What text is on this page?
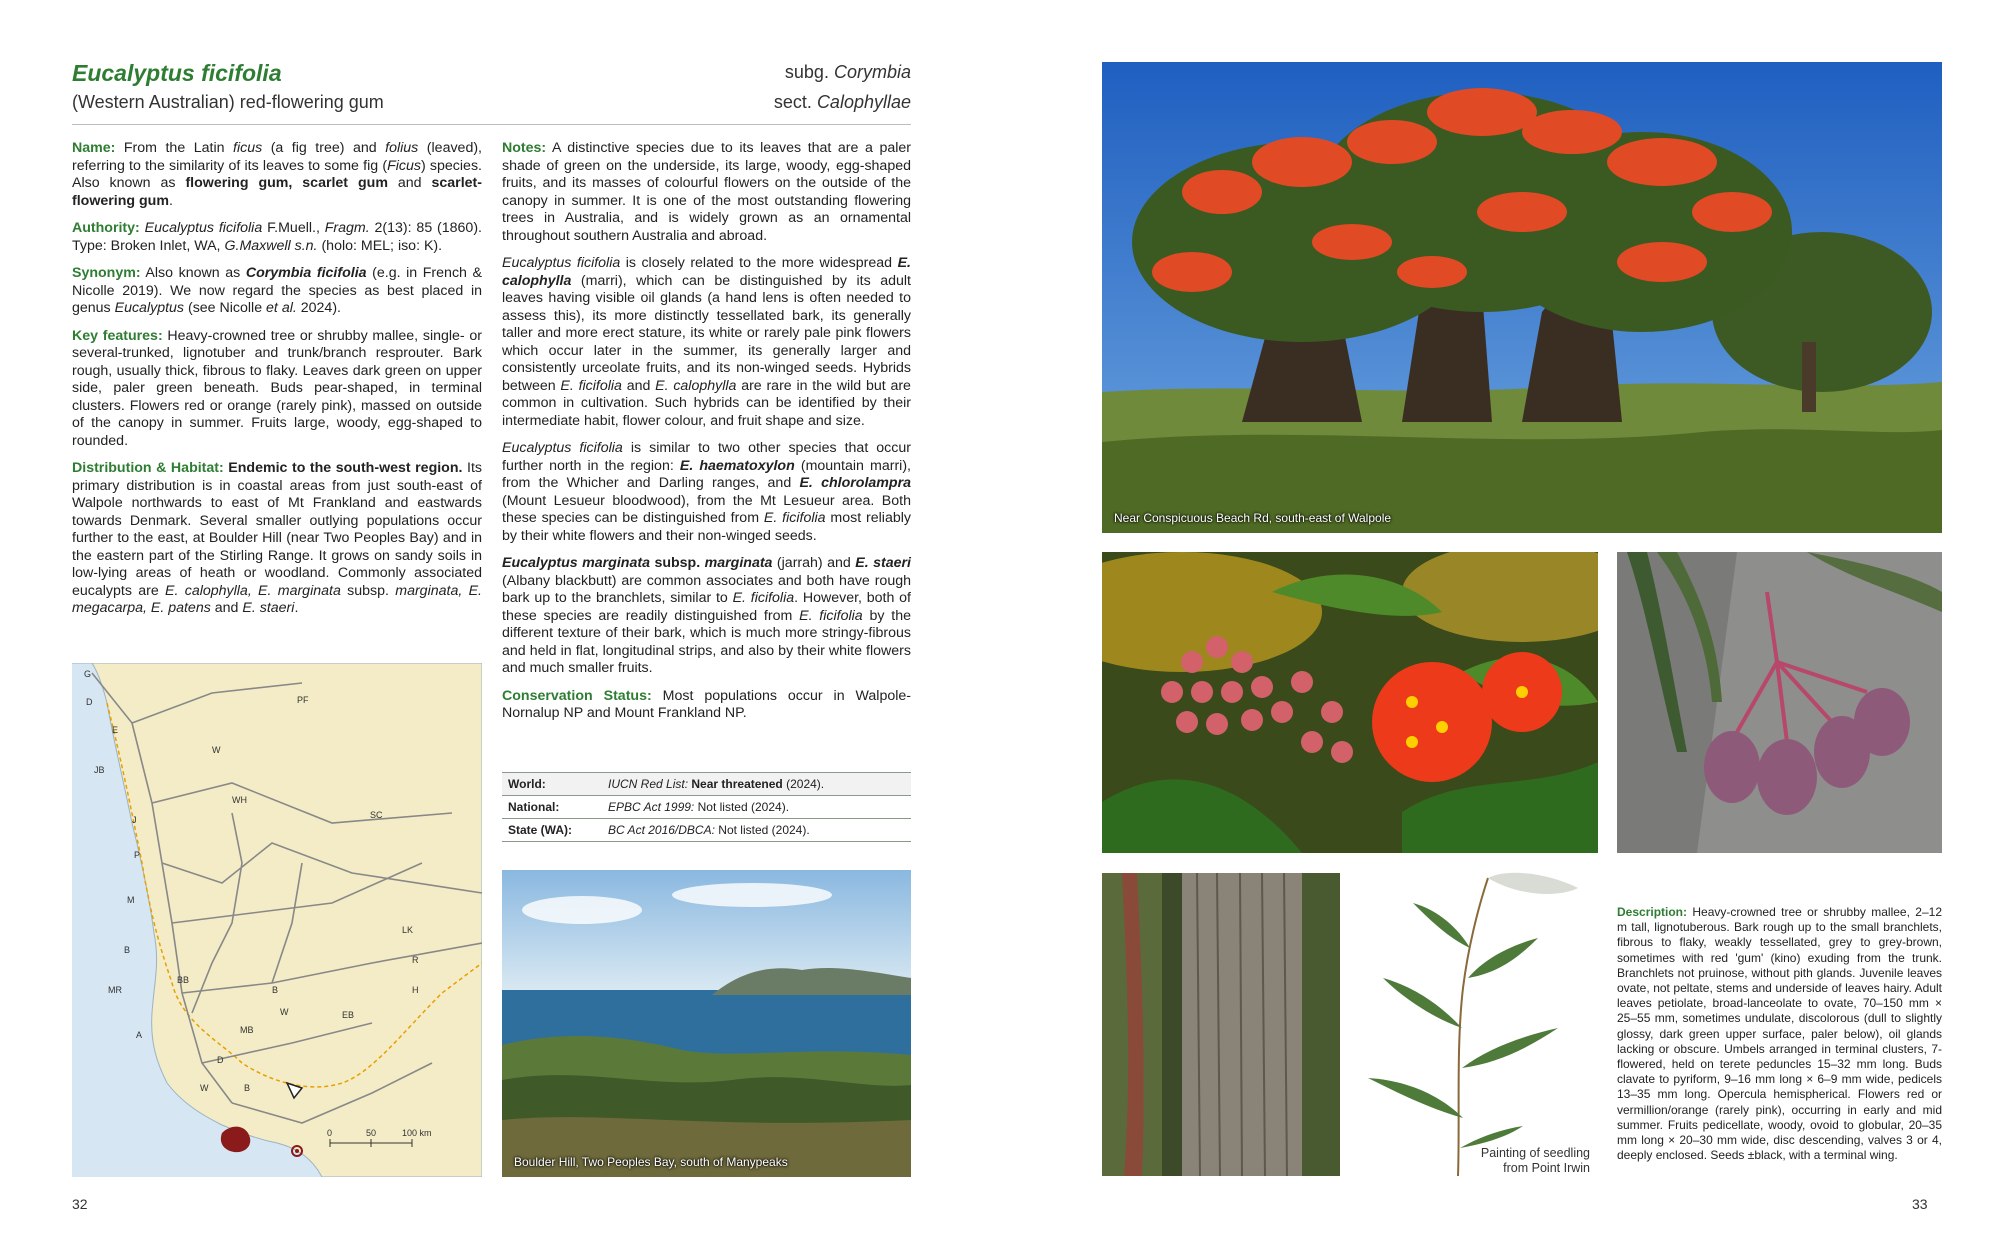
Eucalyptus ficifolia
(Western Australian) red-flowering gum
subg. Corymbia
sect. Calophyllae

Name: From the Latin ficus (a fig tree) and folius (leaved), referring to the similarity of its leaves to some fig (Ficus) species. Also known as flowering gum, scarlet gum and scarlet-flowering gum.

Authority: Eucalyptus ficifolia F.Muell., Fragm. 2(13): 85 (1860). Type: Broken Inlet, WA, G.Maxwell s.n. (holo: MEL; iso: K).

Synonym: Also known as Corymbia ficifolia (e.g. in French & Nicolle 2019). We now regard the species as best placed in genus Eucalyptus (see Nicolle et al. 2024).

Key features: Heavy-crowned tree or shrubby mallee, single- or several-trunked, lignotuber and trunk/branch resprouter. Bark rough, usually thick, fibrous to flaky. Leaves dark green on upper side, paler green beneath. Buds pear-shaped, in terminal clusters. Flowers red or orange (rarely pink), massed on outside of the canopy in summer. Fruits large, woody, egg-shaped to rounded.

Distribution & Habitat: Endemic to the south-west region. Its primary distribution is in coastal areas from just south-east of Walpole northwards to east of Mt Frankland and eastwards towards Denmark. Several smaller outlying populations occur further to the east, at Boulder Hill (near Two Peoples Bay) and in the eastern part of the Stirling Range. It grows on sandy soils in low-lying areas of heath or woodland. Commonly associated eucalypts are E. calophylla, E. marginata subsp. marginata, E. megacarpa, E. patens and E. staeri.

Notes: A distinctive species due to its leaves that are a paler shade of green on the underside, its large, woody, egg-shaped fruits, and its masses of colourful flowers on the outside of the canopy in summer. It is one of the most outstanding flowering trees in Australia, and is widely grown as an ornamental throughout southern Australia and abroad.

Eucalyptus ficifolia is closely related to the more widespread E. calophylla (marri), which can be distinguished by its adult leaves having visible oil glands (a hand lens is often needed to assess this), its more distinctly tessellated bark, its generally taller and more erect stature, its white or rarely pale pink flowers which occur later in the summer, its generally larger and consistently urceolate fruits, and its non-winged seeds. Hybrids between E. ficifolia and E. calophylla are rare in the wild but are common in cultivation. Such hybrids can be identified by their intermediate habit, flower colour, and fruit shape and size.

Eucalyptus ficifolia is similar to two other species that occur further north in the region: E. haematoxylon (mountain marri), from the Whicher and Darling ranges, and E. chlorolampra (Mount Lesueur bloodwood), from the Mt Lesueur area. Both these species can be distinguished from E. ficifolia most reliably by their white flowers and their non-winged seeds.

Eucalyptus marginata subsp. marginata (jarrah) and E. staeri (Albany blackbutt) are common associates and both have rough bark up to the branchlets, similar to E. ficifolia. However, both of these species are readily distinguished from E. ficifolia by the different texture of their bark, which is much more stringy-fibrous and held in flat, longitudinal strips, and also by their white flowers and much smaller fruits.

Conservation Status: Most populations occur in Walpole-Nornalup NP and Mount Frankland NP.

World:	IUCN Red List: Near threatened (2024).
National:	EPBC Act 1999: Not listed (2024).
State (WA):	BC Act 2016/DBCA: Not listed (2024).
G
D	PF
E
JB
W
WH
SC
J
P
M
LK
B
R
MR
BB
B
W	EB
H
A	MB
D
W	B
0	50	100 km
Boulder Hill, Two Peoples Bay, south of Manypeaks
32
Near Conspicuous Beach Rd, south-east of Walpole
Painting of seedling
from Point Irwin
Description: Heavy-crowned tree or shrubby mallee, 2–12 m tall, lignotuberous. Bark rough up to the small branchlets, fibrous to flaky, weakly tessellated, grey to grey-brown, sometimes with red 'gum' (kino) exuding from the trunk. Branchlets not pruinose, without pith glands. Juvenile leaves ovate, not peltate, stems and underside of leaves hairy. Adult leaves petiolate, broad-lanceolate to ovate, 70–150 mm × 25–55 mm, sometimes undulate, discolorous (dull to slightly glossy, dark green upper surface, paler below), oil glands lacking or obscure. Umbels arranged in terminal clusters, 7-flowered, held on terete peduncles 15–32 mm long. Buds clavate to pyriform, 9–16 mm long × 6–9 mm wide, pedicels 13–35 mm long. Opercula hemispherical. Flowers red or vermillion/orange (rarely pink), occurring in early and mid summer. Fruits pedicellate, woody, ovoid to globular, 20–35 mm long × 20–30 mm wide, disc descending, valves 3 or 4, deeply enclosed. Seeds ±black, with a terminal wing.
33
